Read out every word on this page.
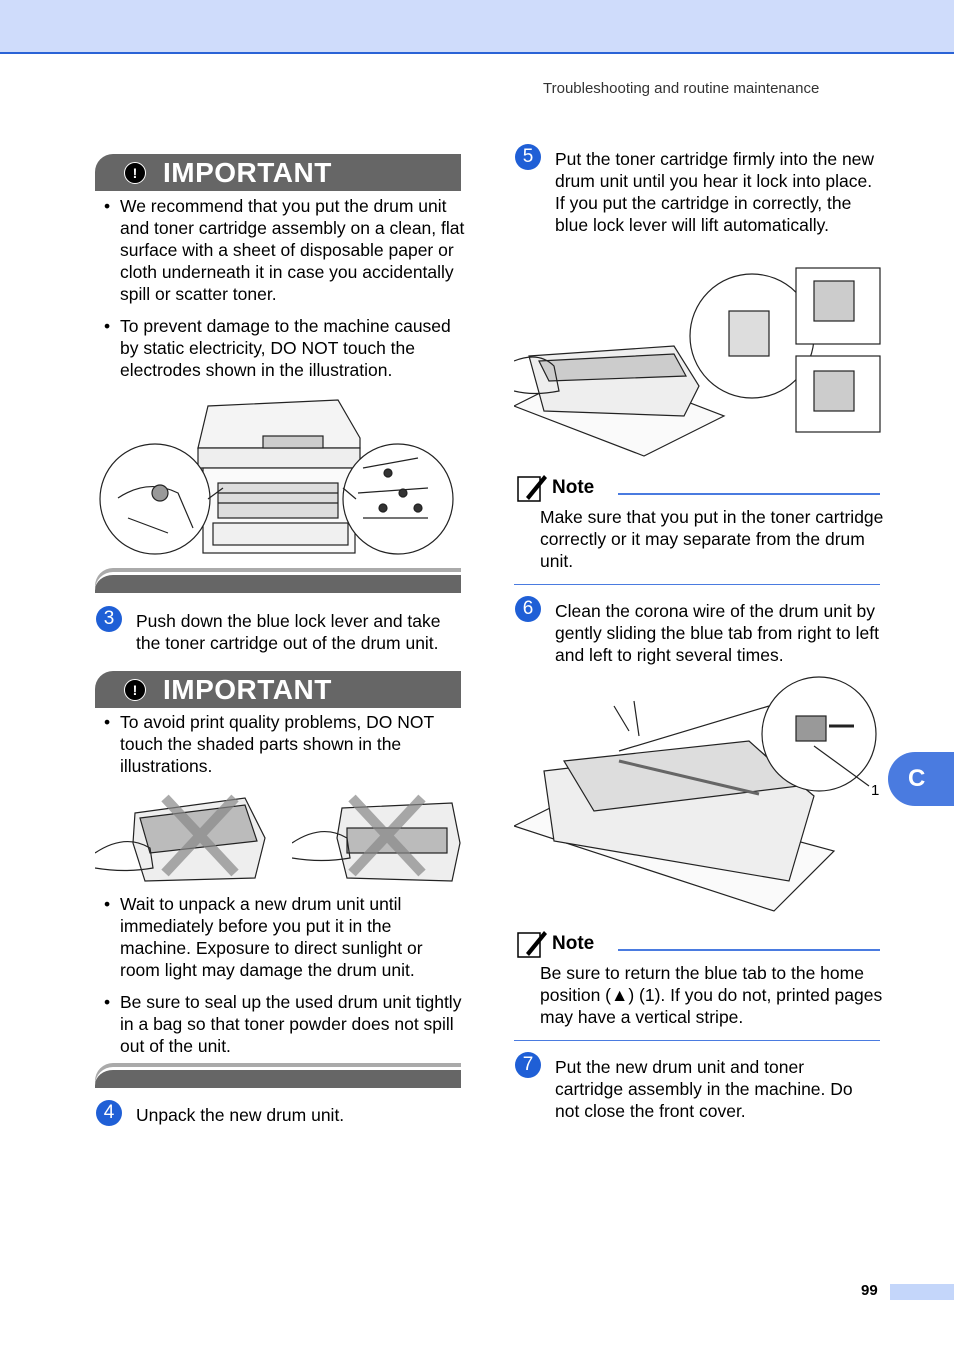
Troubleshooting and routine maintenance
! IMPORTANT
• We recommend that you put the drum unit and toner cartridge assembly on a clean, flat surface with a sheet of disposable paper or cloth underneath it in case you accidentally spill or scatter toner.
• To prevent damage to the machine caused by static electricity, DO NOT touch the electrodes shown in the illustration.
3	Push down the blue lock lever and take the toner cartridge out of the drum unit.
! IMPORTANT
• To avoid print quality problems, DO NOT touch the shaded parts shown in the illustrations.
• Wait to unpack a new drum unit until immediately before you put it in the machine. Exposure to direct sunlight or room light may damage the drum unit.
• Be sure to seal up the used drum unit tightly in a bag so that toner powder does not spill out of the unit.
4	Unpack the new drum unit.
5	Put the toner cartridge firmly into the new drum unit until you hear it lock into place. If you put the cartridge in correctly, the blue lock lever will lift automatically.
Note
Make sure that you put in the toner cartridge correctly or it may separate from the drum unit.
6	Clean the corona wire of the drum unit by gently sliding the blue tab from right to left and left to right several times.
1
Note
Be sure to return the blue tab to the home position (▲) (1). If you do not, printed pages may have a vertical stripe.
7	Put the new drum unit and toner cartridge assembly in the machine. Do not close the front cover.
C
99
